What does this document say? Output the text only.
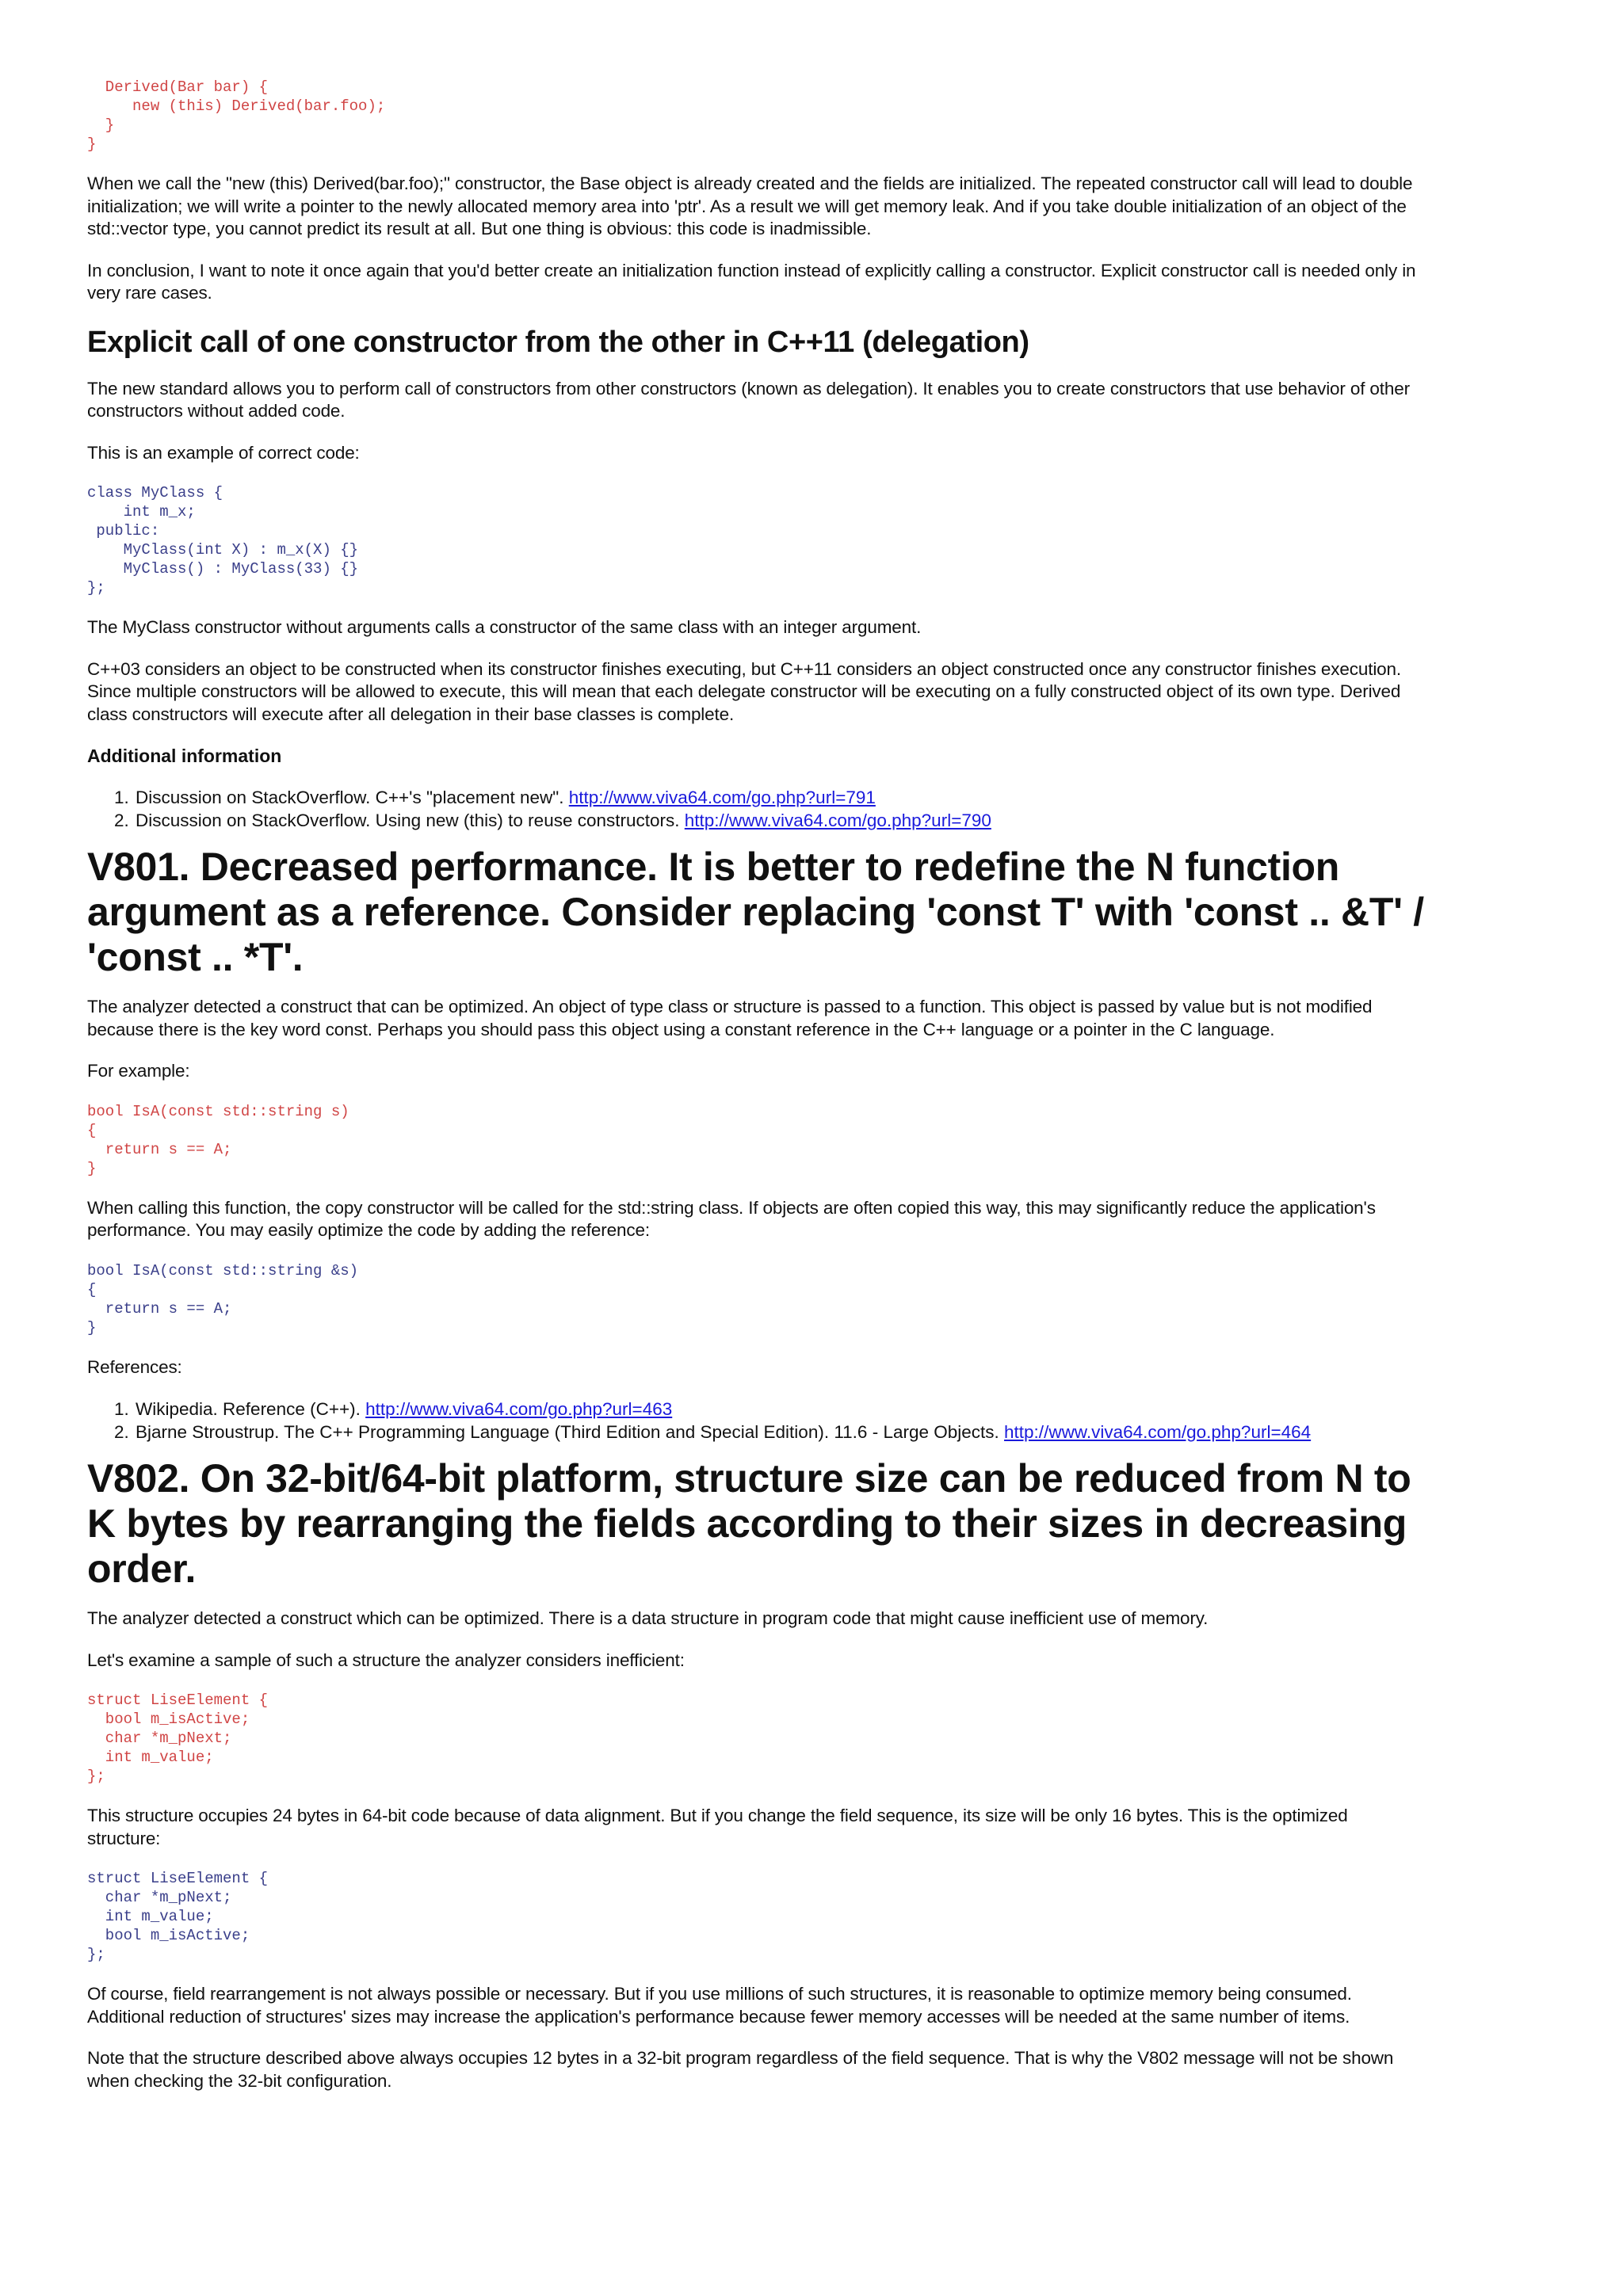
Derived(Bar bar) {
new (this) Derived(bar.foo);
}
}

When we call the "new (this) Derived(bar.foo);" constructor, the Base object is already created and the fields are initialized. The repeated constructor call will lead to double initialization; we will write a pointer to the newly allocated memory area into 'ptr'. As a result we will get memory leak. And if you take double initialization of an object of the std::vector type, you cannot predict its result at all. But one thing is obvious: this code is inadmissible.

In conclusion, I want to note it once again that you'd better create an initialization function instead of explicitly calling a constructor. Explicit constructor call is needed only in very rare cases.

Explicit call of one constructor from the other in C++11 (delegation)

The new standard allows you to perform call of constructors from other constructors (known as delegation). It enables you to create constructors that use behavior of other constructors without added code.

This is an example of correct code:

class MyClass {
int m_x;
public:
MyClass(int X) : m_x(X) {}
MyClass() : MyClass(33) {}
};

The MyClass constructor without arguments calls a constructor of the same class with an integer argument.

C++03 considers an object to be constructed when its constructor finishes executing, but C++11 considers an object constructed once any constructor finishes execution. Since multiple constructors will be allowed to execute, this will mean that each delegate constructor will be executing on a fully constructed object of its own type. Derived class constructors will execute after all delegation in their base classes is complete.

Additional information
1. Discussion on StackOverflow. C++'s "placement new". http://www.viva64.com/go.php?url=791
2. Discussion on StackOverflow. Using new (this) to reuse constructors. http://www.viva64.com/go.php?url=790
V801. Decreased performance. It is better to redefine the N function argument as a reference. Consider replacing 'const T' with 'const .. &T' / 'const .. *T'.

The analyzer detected a construct that can be optimized. An object of type class or structure is passed to a function. This object is passed by value but is not modified because there is the key word const. Perhaps you should pass this object using a constant reference in the C++ language or a pointer in the C language.

For example:

bool IsA(const std::string s)
{
return s == A;
}

When calling this function, the copy constructor will be called for the std::string class. If objects are often copied this way, this may significantly reduce the application's performance. You may easily optimize the code by adding the reference:

bool IsA(const std::string &s)
{
return s == A;
}

References:

1. Wikipedia. Reference (C++). http://www.viva64.com/go.php?url=463
2. Bjarne Stroustrup. The C++ Programming Language (Third Edition and Special Edition). 11.6 - Large Objects. http://www.viva64.com/go.php?url=464
V802. On 32-bit/64-bit platform, structure size can be reduced from N to K bytes by rearranging the fields according to their sizes in decreasing order.

The analyzer detected a construct which can be optimized. There is a data structure in program code that might cause inefficient use of memory.

Let's examine a sample of such a structure the analyzer considers inefficient:

struct LiseElement {
bool m_isActive;
char *m_pNext;
int m_value;
};

This structure occupies 24 bytes in 64-bit code because of data alignment. But if you change the field sequence, its size will be only 16 bytes. This is the optimized structure:

struct LiseElement {
char *m_pNext;
int m_value;
bool m_isActive;
};

Of course, field rearrangement is not always possible or necessary. But if you use millions of such structures, it is reasonable to optimize memory being consumed. Additional reduction of structures' sizes may increase the application's performance because fewer memory accesses will be needed at the same number of items.

Note that the structure described above always occupies 12 bytes in a 32-bit program regardless of the field sequence. That is why the V802 message will not be shown when checking the 32-bit configuration.
